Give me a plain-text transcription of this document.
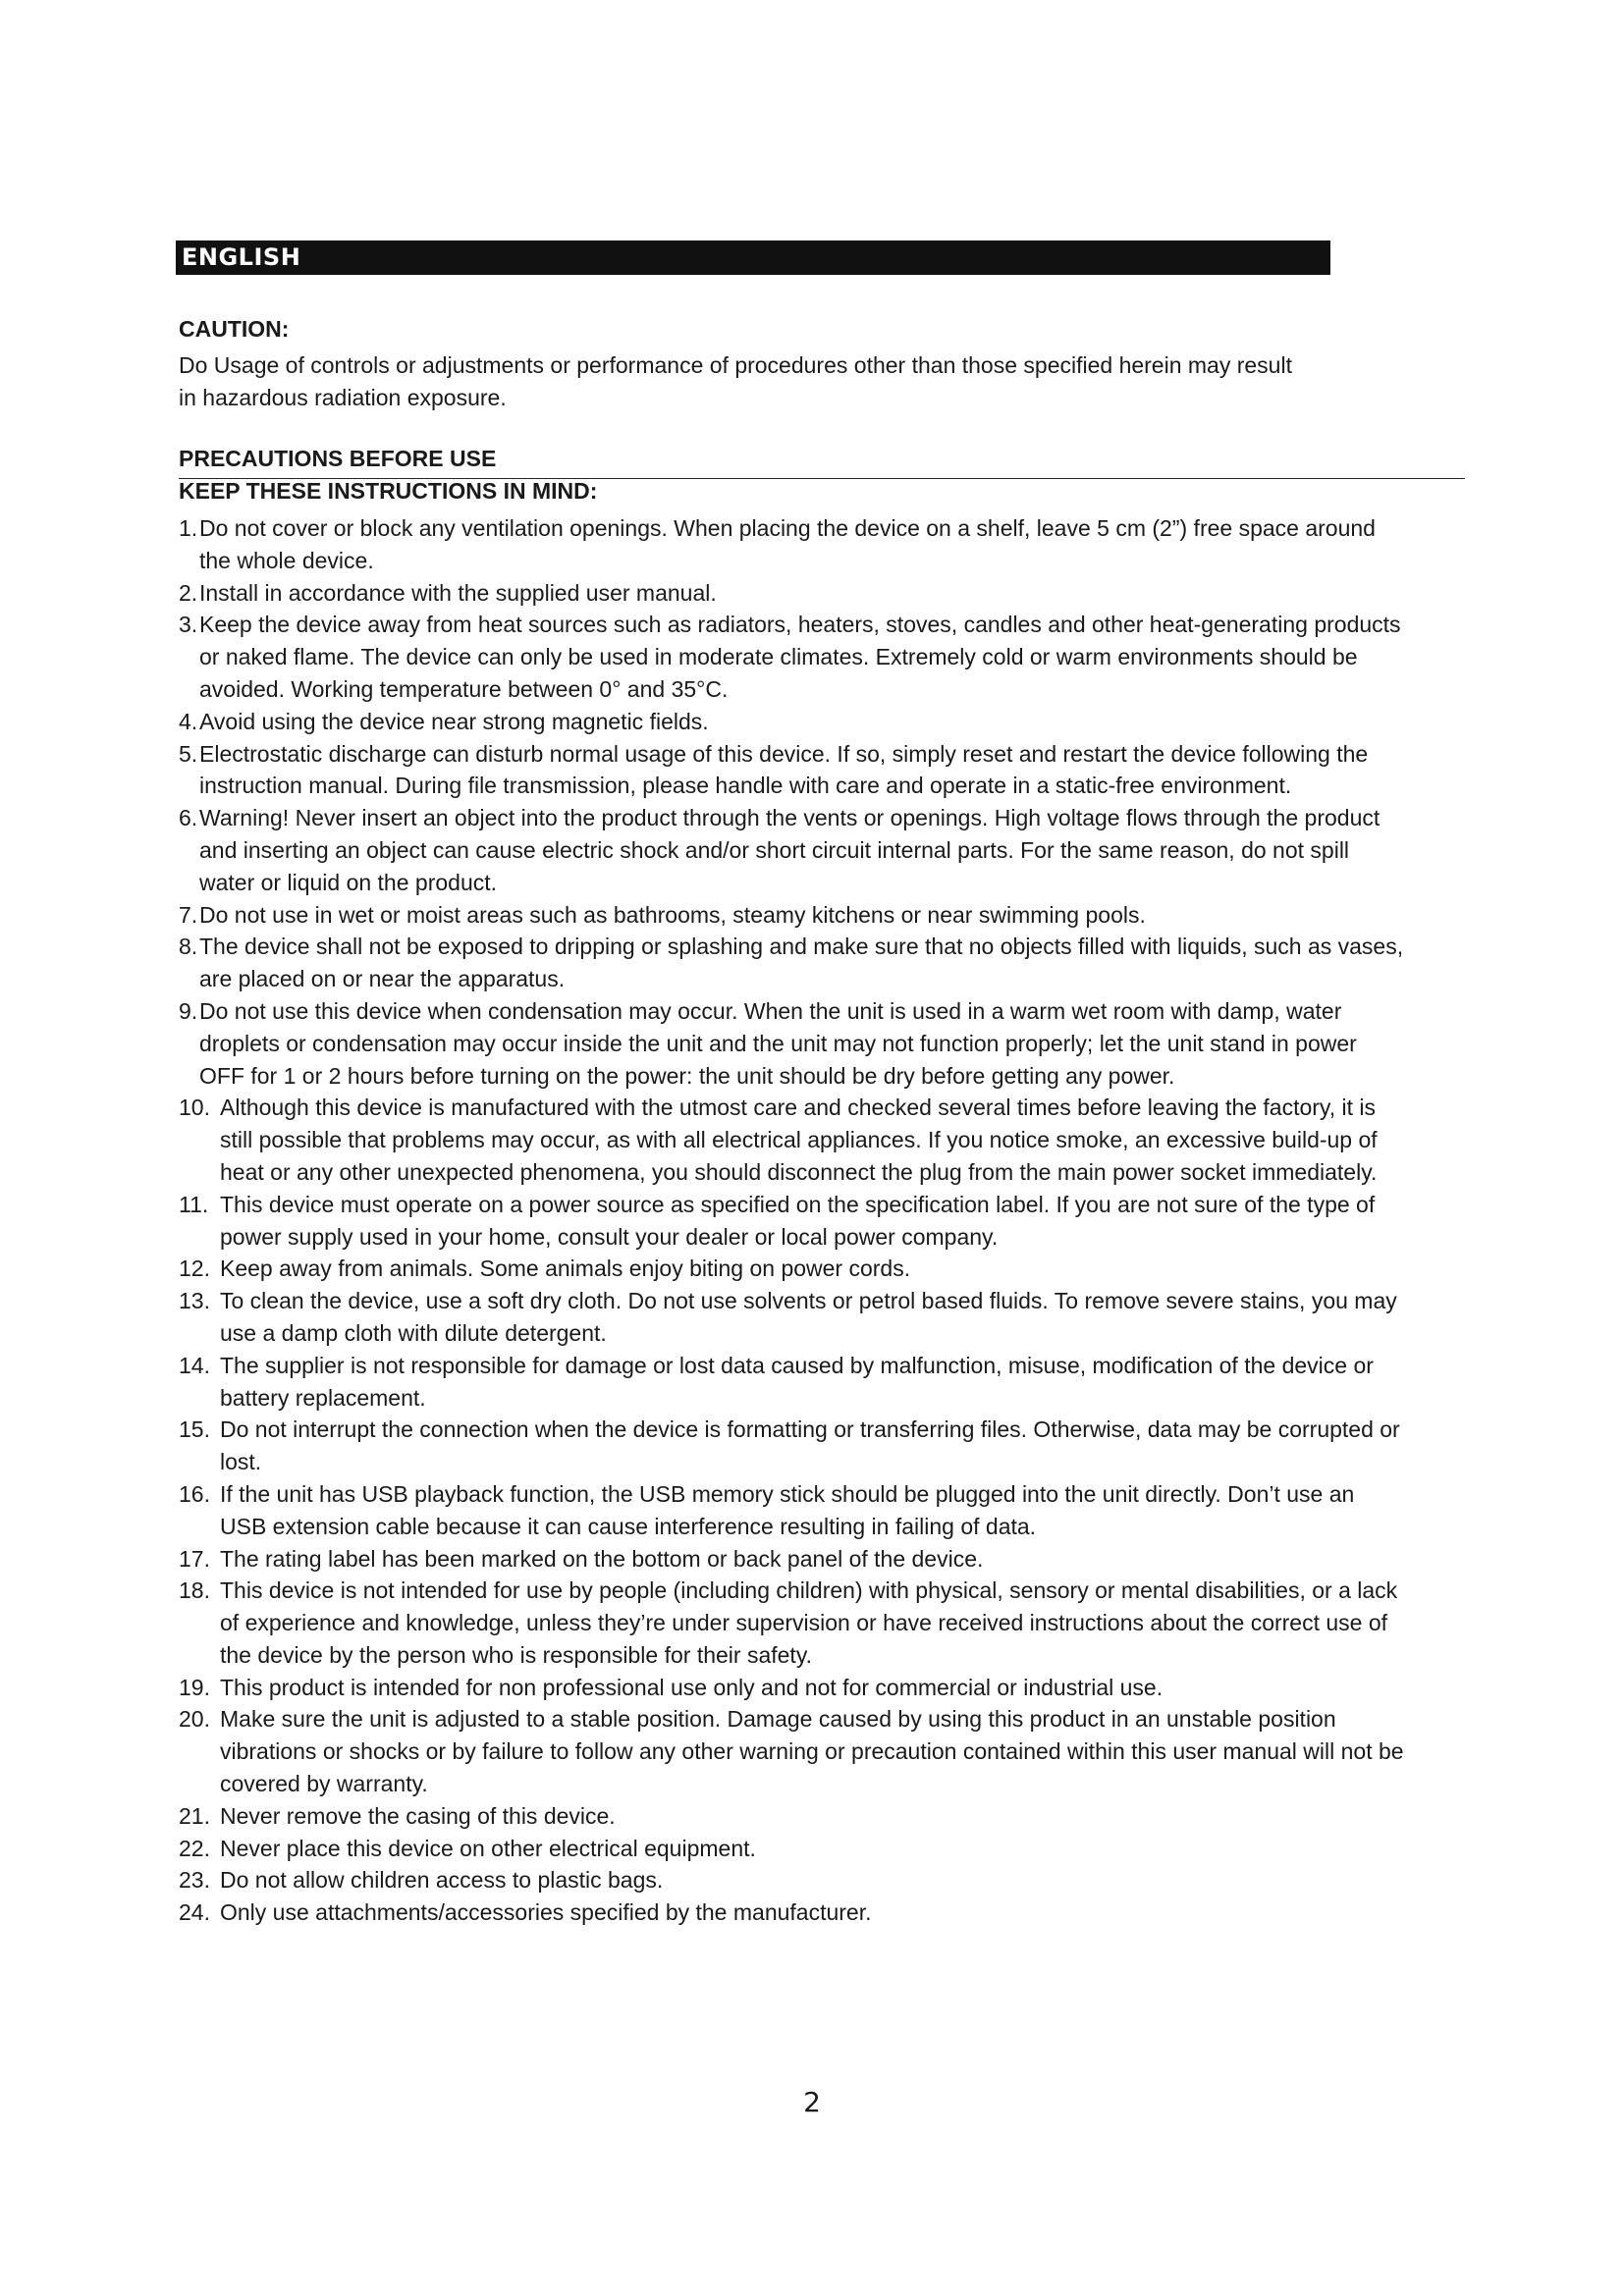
ENGLISH
CAUTION:
Do Usage of controls or adjustments or performance of procedures other than those specified herein may result in hazardous radiation exposure.
PRECAUTIONS BEFORE USE
KEEP THESE INSTRUCTIONS IN MIND:
1. Do not cover or block any ventilation openings. When placing the device on a shelf, leave 5 cm (2”) free space around the whole device.
2. Install in accordance with the supplied user manual.
3. Keep the device away from heat sources such as radiators, heaters, stoves, candles and other heat-generating products or naked flame. The device can only be used in moderate climates. Extremely cold or warm environments should be avoided. Working temperature between 0° and 35°C.
4. Avoid using the device near strong magnetic fields.
5. Electrostatic discharge can disturb normal usage of this device. If so, simply reset and restart the device following the instruction manual. During file transmission, please handle with care and operate in a static-free environment.
6. Warning! Never insert an object into the product through the vents or openings. High voltage flows through the product and inserting an object can cause electric shock and/or short circuit internal parts. For the same reason, do not spill water or liquid on the product.
7. Do not use in wet or moist areas such as bathrooms, steamy kitchens or near swimming pools.
8. The device shall not be exposed to dripping or splashing and make sure that no objects filled with liquids, such as vases, are placed on or near the apparatus.
9. Do not use this device when condensation may occur. When the unit is used in a warm wet room with damp, water droplets or condensation may occur inside the unit and the unit may not function properly; let the unit stand in power OFF for 1 or 2 hours before turning on the power: the unit should be dry before getting any power.
10. Although this device is manufactured with the utmost care and checked several times before leaving the factory, it is still possible that problems may occur, as with all electrical appliances. If you notice smoke, an excessive build-up of heat or any other unexpected phenomena, you should disconnect the plug from the main power socket immediately.
11. This device must operate on a power source as specified on the specification label. If you are not sure of the type of power supply used in your home, consult your dealer or local power company.
12. Keep away from animals. Some animals enjoy biting on power cords.
13. To clean the device, use a soft dry cloth. Do not use solvents or petrol based fluids. To remove severe stains, you may use a damp cloth with dilute detergent.
14. The supplier is not responsible for damage or lost data caused by malfunction, misuse, modification of the device or battery replacement.
15. Do not interrupt the connection when the device is formatting or transferring files. Otherwise, data may be corrupted or lost.
16. If the unit has USB playback function, the USB memory stick should be plugged into the unit directly. Don’t use an USB extension cable because it can cause interference resulting in failing of data.
17. The rating label has been marked on the bottom or back panel of the device.
18. This device is not intended for use by people (including children) with physical, sensory or mental disabilities, or a lack of experience and knowledge, unless they’re under supervision or have received instructions about the correct use of the device by the person who is responsible for their safety.
19. This product is intended for non professional use only and not for commercial or industrial use.
20. Make sure the unit is adjusted to a stable position. Damage caused by using this product in an unstable position vibrations or shocks or by failure to follow any other warning or precaution contained within this user manual will not be covered by warranty.
21. Never remove the casing of this device.
22. Never place this device on other electrical equipment.
23. Do not allow children access to plastic bags.
24. Only use attachments/accessories specified by the manufacturer.
2
